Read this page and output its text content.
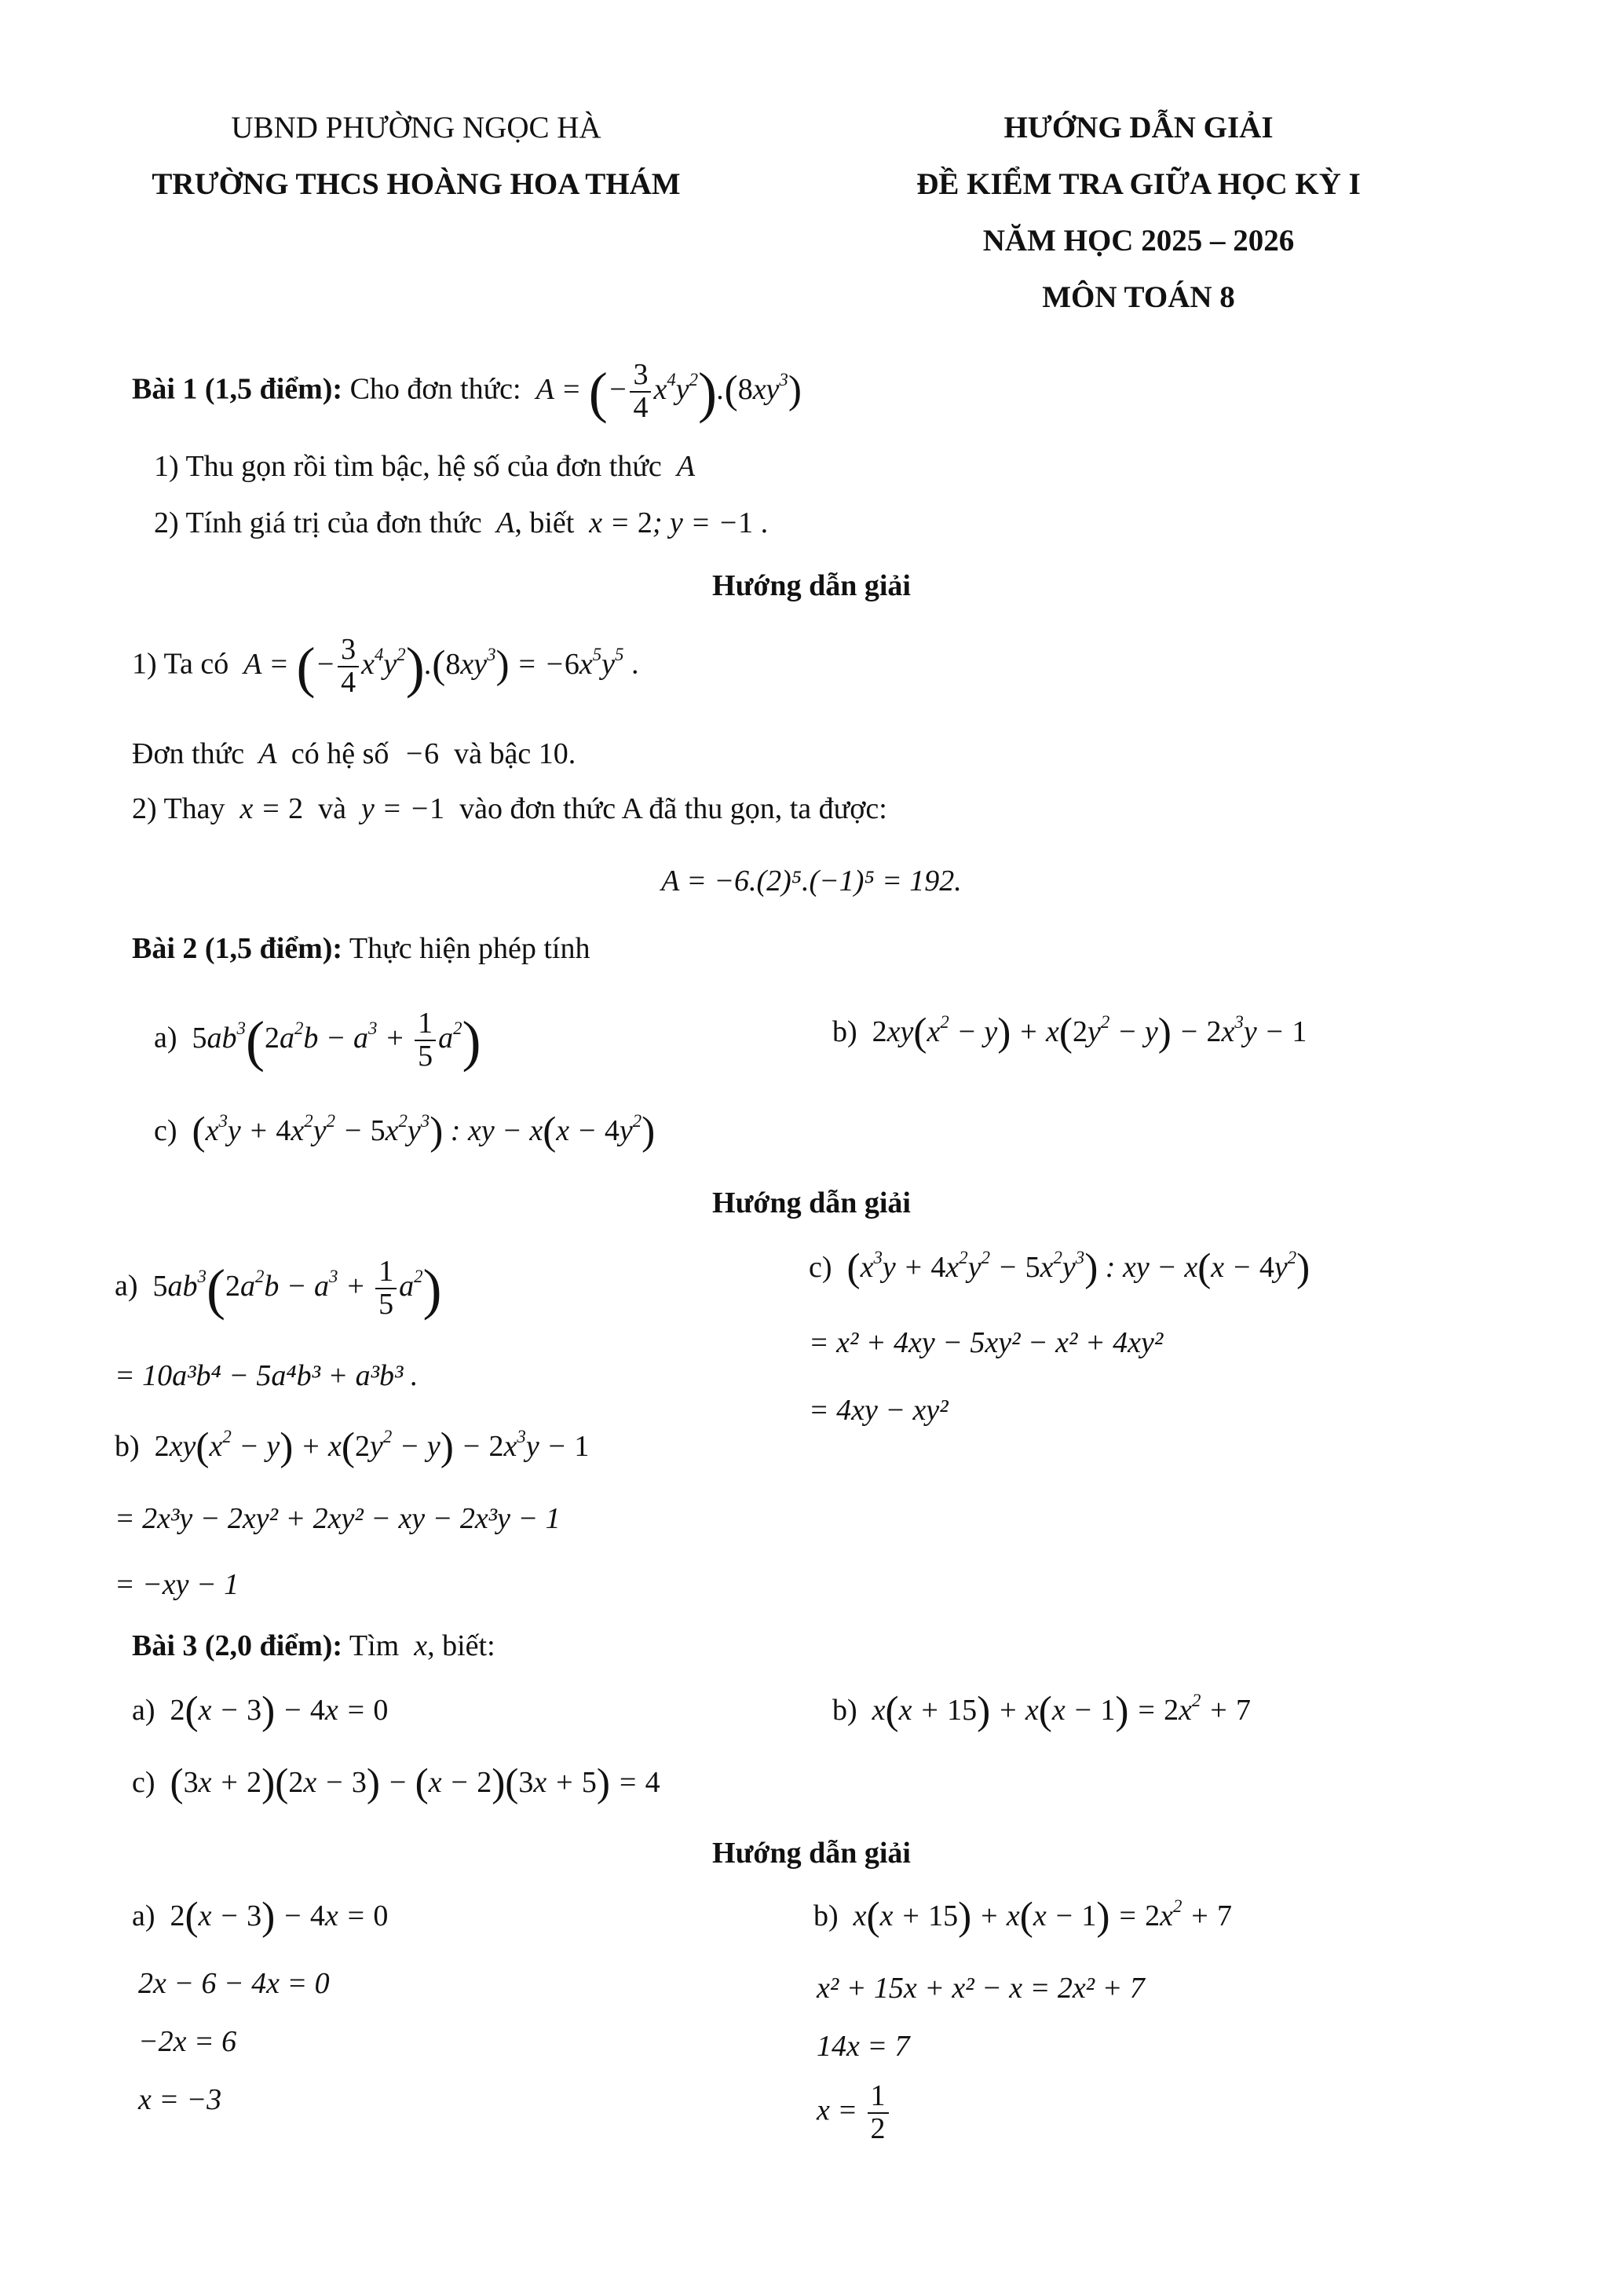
UBND PHƯỜNG NGỌC HÀ
TRƯỜNG THCS HOÀNG HOA THÁM
HƯỚNG DẪN GIẢI
ĐỀ KIỂM TRA GIỮA HỌC KỲ I
NĂM HỌC 2025 – 2026
MÔN TOÁN 8
Bài 1 (1,5 điểm): Cho đơn thức:  A = (− $\frac{3}{4} x^4y^2).(8xy^3)$
1) Thu gọn rồi tìm bậc, hệ số của đơn thức  A
2) Tính giá trị của đơn thức  A, biết  x = 2; y = −1 .
Hướng dẫn giải
1) Ta có  A = (− $\frac{3}{4} x^4y^2).(8xy^3) = -6x^5y^5$ .
Đơn thức  A  có hệ số  −6 và bậc 10.
2) Thay  x = 2 và  y = −1 vào đơn thức A đã thu gọn, ta được:
A = −6.(2)⁵.(−1)⁵ = 192.
Bài 2 (1,5 điểm): Thực hiện phép tính
a) $5ab^3(2a^2b - a^3 + \frac{1}{5} a^2)$	b) $2xy(x^2 - y) + x(2y^2 - y) - 2x^3y - 1$
c) $(x^3y + 4x^2y^2 - 5x^2y^3)$ : xy − $x(x - 4y^2)$
Hướng dẫn giải
a) $5ab^3(2a^2b - a^3 + \frac{1}{5} a^2)$
= 10a³b⁴ − 5a⁴b³ + a³b³ .
b) $2xy(x^2 - y) + x(2y^2 - y) - 2x^3y - 1$
= 2x³y − 2xy² + 2xy² − xy − 2x³y − 1
= −xy − 1
c) $(x^3y + 4x^2y^2 - 5x^2y^3)$ : xy − $x(x - 4y^2)$
= x² + 4xy − 5xy² − x² + 4xy²
= 4xy − xy²
Bài 3 (2,0 điểm): Tìm  x, biết:
a) 2(x − 3) − 4x = 0	b)  $x(x + 15) + x(x - 1) = 2x^2 + 7$
c) (3x + 2)(2x − 3) − (x − 2)(3x + 5) = 4
Hướng dẫn giải
a) 2(x − 3) − 4x = 0
2x − 6 − 4x = 0
−2x = 6
x = −3
b)  $x(x + 15) + x(x - 1) = 2x^2 + 7$
x² + 15x + x² − x = 2x² + 7
14x = 7
$x = \frac{1}{2}$
